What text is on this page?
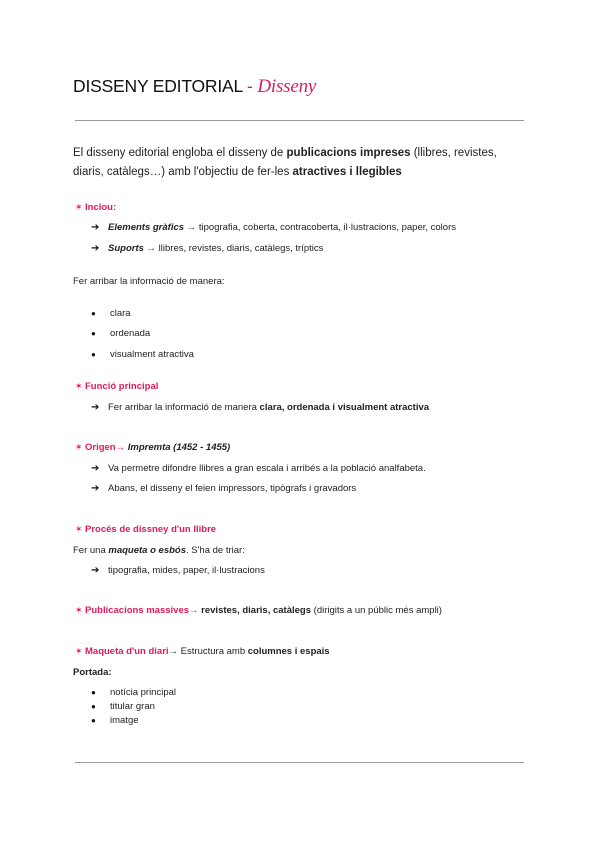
DISSENY EDITORIAL - Disseny
El disseny editorial engloba el disseny de publicacions impreses (llibres, revistes, diaris, catàlegs…) amb l'objectiu de fer-les atractives i llegibles
✶ Inclou:
➔ Elements gràfics → tipografia, coberta, contracoberta, il·lustracions, paper, colors
➔ Suports → llibres, revistes, diaris, catàlegs, tríptics
Fer arribar la informació de manera:
● clara
● ordenada
● visualment atractiva
✶ Funció principal
➔ Fer arribar la informació de manera clara, ordenada i visualment atractiva
✶ Origen→ Impremta (1452 - 1455)
➔ Va permetre difondre llibres a gran escala i arribés a la població analfabeta.
➔ Abans, el disseny el feien impressors, tipògrafs i gravadors
✶ Procés de dissney d'un llibre
Fer una maqueta o esbós. S'ha de triar:
➔ tipografia, mides, paper, il·lustracions
✶ Publicacions massives→ revistes, diaris, catàlegs (dirigits a un públic més ampli)
✶ Maqueta d'un diari→ Estructura amb columnes i espais
Portada:
● notícia principal
● titular gran
● imatge
